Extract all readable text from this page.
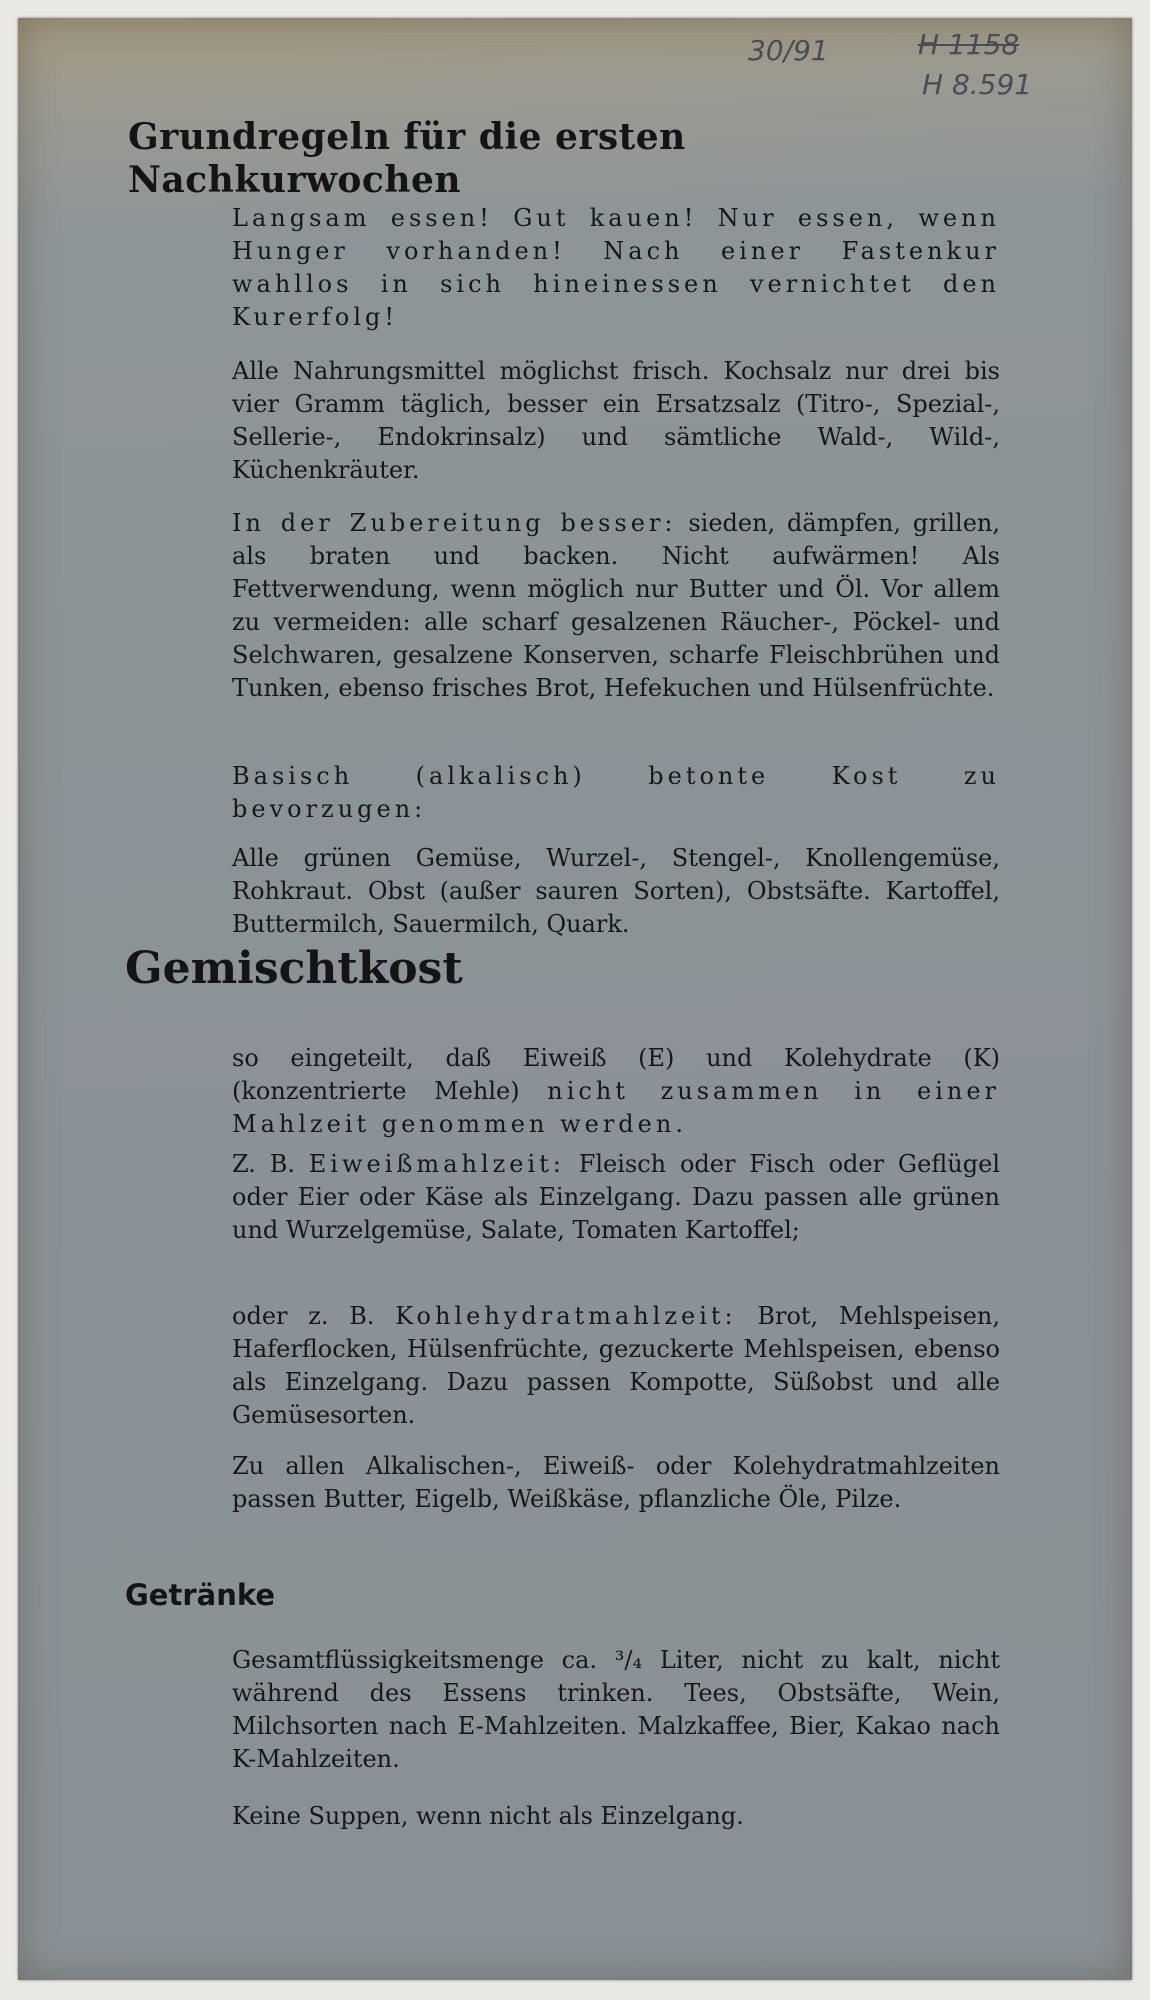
30/91	H 1158
H 8.591
Grundregeln für die ersten Nachkurwochen

Langsam essen! Gut kauen! Nur essen, wenn Hunger vorhanden! Nach einer Fastenkur wahllos in sich hineinessen vernichtet den Kurerfolg!

Alle Nahrungsmittel möglichst frisch. Kochsalz nur drei bis vier Gramm täglich, besser ein Ersatzsalz (Titro-, Spezial-, Sellerie-, Endokrinsalz) und sämtliche Wald-, Wild-, Küchenkräuter.

In der Zubereitung besser: sieden, dämpfen, grillen, als braten und backen. Nicht aufwärmen! Als Fettverwendung, wenn möglich nur Butter und Öl. Vor allem zu vermeiden: alle scharf gesalzenen Räucher-, Pöckel- und Selchwaren, gesalzene Konserven, scharfe Fleischbrühen und Tunken, ebenso frisches Brot, Hefekuchen und Hülsenfrüchte.

Basisch (alkalisch) betonte Kost zu bevorzugen:

Alle grünen Gemüse, Wurzel-, Stengel-, Knollengemüse, Rohkraut. Obst (außer sauren Sorten), Obstsäfte. Kartoffel, Buttermilch, Sauermilch, Quark.

Gemischtkost

so eingeteilt, daß Eiweiß (E) und Kolehydrate (K) (konzentrierte Mehle) nicht zusammen in einer Mahlzeit genommen werden.

Z. B. Eiweißmahlzeit: Fleisch oder Fisch oder Geflügel oder Eier oder Käse als Einzelgang. Dazu passen alle grünen und Wurzelgemüse, Salate, Tomaten Kartoffel;

oder z. B. Kohlehydratmahlzeit: Brot, Mehlspeisen, Haferflocken, Hülsenfrüchte, gezuckerte Mehlspeisen, ebenso als Einzelgang. Dazu passen Kompotte, Süßobst und alle Gemüsesorten.

Zu allen Alkalischen-, Eiweiß- oder Kolehydratmahlzeiten passen Butter, Eigelb, Weißkäse, pflanzliche Öle, Pilze.

Getränke

Gesamtflüssigkeitsmenge ca. ³/₄ Liter, nicht zu kalt, nicht während des Essens trinken. Tees, Obstsäfte, Wein, Milchsorten nach E-Mahlzeiten. Malzkaffee, Bier, Kakao nach K-Mahlzeiten.

Keine Suppen, wenn nicht als Einzelgang.
